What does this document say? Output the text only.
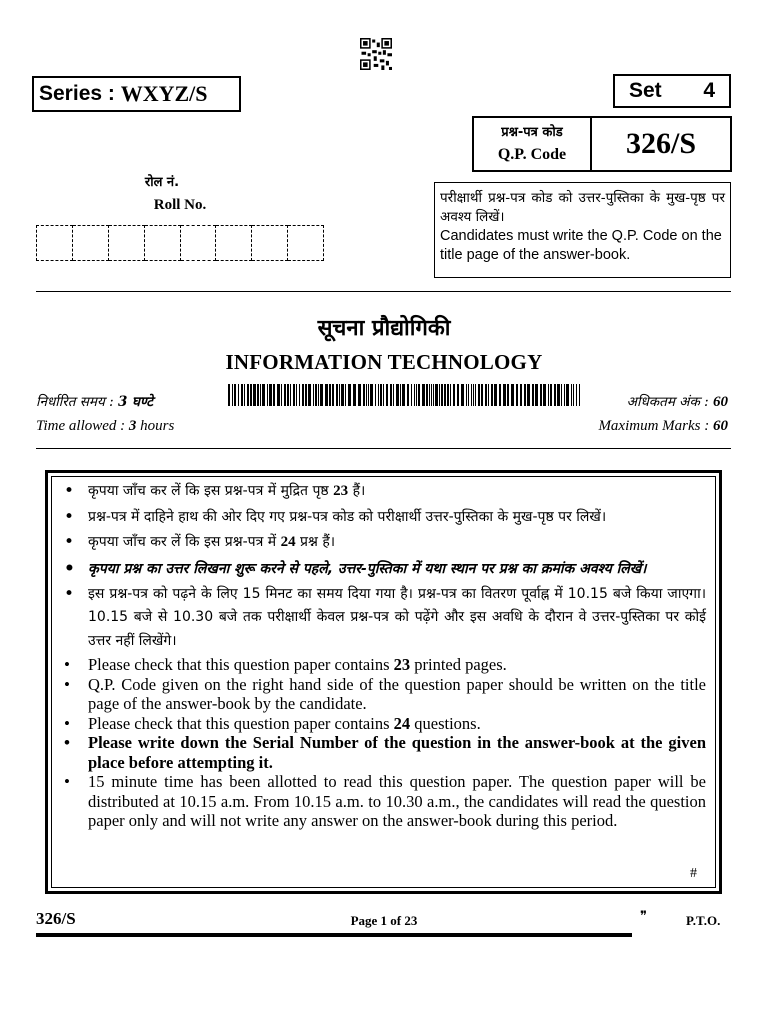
Series :
WXYZ/S	Set 4
प्रश्न-पत्र कोड
Q.P. Code	326/S
रोल नं.
Roll No.	परीक्षार्थी प्रश्न-पत्र कोड को उत्तर-पुस्तिका के मुख-पृष्ठ पर अवश्य लिखें।
Candidates must write the Q.P. Code on the title page of the answer-book.
सूचना प्रौद्योगिकी
INFORMATION TECHNOLOGY
निर्धारित समय : 3 घण्टे	अधिकतम अंक : 60
Time allowed : 3 hours	Maximum Marks : 60
• कृपया जाँच कर लें कि इस प्रश्न-पत्र में मुद्रित पृष्ठ 23 हैं।
• प्रश्न-पत्र में दाहिने हाथ की ओर दिए गए प्रश्न-पत्र कोड को परीक्षार्थी उत्तर-पुस्तिका के मुख-पृष्ठ पर लिखें।
• कृपया जाँच कर लें कि इस प्रश्न-पत्र में 24 प्रश्न हैं।
• कृपया प्रश्न का उत्तर लिखना शुरू करने से पहले, उत्तर-पुस्तिका में यथा स्थान पर प्रश्न का क्रमांक अवश्य लिखें।
• इस प्रश्न-पत्र को पढ़ने के लिए 15 मिनट का समय दिया गया है। प्रश्न-पत्र का वितरण पूर्वाह्न में 10.15 बजे किया जाएगा। 10.15 बजे से 10.30 बजे तक परीक्षार्थी केवल प्रश्न-पत्र को पढ़ेंगे और इस अवधि के दौरान वे उत्तर-पुस्तिका पर कोई उत्तर नहीं लिखेंगे।
• Please check that this question paper contains 23 printed pages.
• Q.P. Code given on the right hand side of the question paper should be written on the title page of the answer-book by the candidate.
• Please check that this question paper contains 24 questions.
• Please write down the Serial Number of the question in the answer-book at the given place before attempting it.
• 15 minute time has been allotted to read this question paper. The question paper will be distributed at 10.15 a.m. From 10.15 a.m. to 10.30 a.m., the candidates will read the question paper only and will not write any answer on the answer-book during this period.
#
326/S	Page 1 of 23	❞	P.T.O.
